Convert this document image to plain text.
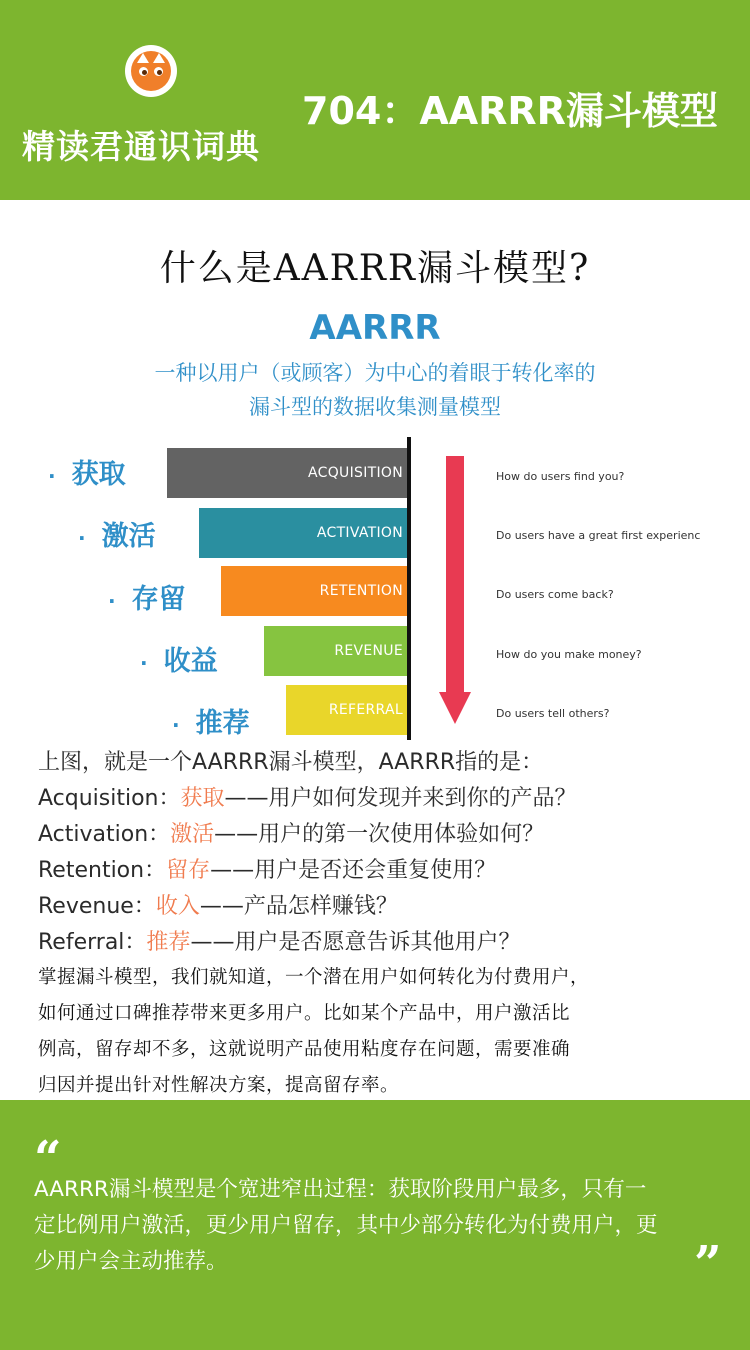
精读君通识词典
704：AARRR漏斗模型
什么是AARRR漏斗模型?
AARRR
一种以用户（或顾客）为中心的着眼于转化率的
漏斗型的数据收集测量模型
· 获取	ACQUISITION	How do users find you?
· 激活	ACTIVATION	Do users have a great first experienc
· 存留	RETENTION	Do users come back?
· 收益	REVENUE	How do you make money?
· 推荐	REFERRAL	Do users tell others?
上图，就是一个AARRR漏斗模型，AARRR指的是：
Acquisition：获取——用户如何发现并来到你的产品？
Activation：激活——用户的第一次使用体验如何？
Retention：留存——用户是否还会重复使用？
Revenue：收入——产品怎样赚钱？
Referral：推荐——用户是否愿意告诉其他用户？
掌握漏斗模型，我们就知道，一个潜在用户如何转化为付费用户，
如何通过口碑推荐带来更多用户。比如某个产品中，用户激活比
例高，留存却不多，这就说明产品使用粘度存在问题，需要准确
归因并提出针对性解决方案，提高留存率。
“
AARRR漏斗模型是个宽进窄出过程：获取阶段用户最多，只有一
定比例用户激活，更少用户留存，其中少部分转化为付费用户，更
少用户会主动推荐。	”
